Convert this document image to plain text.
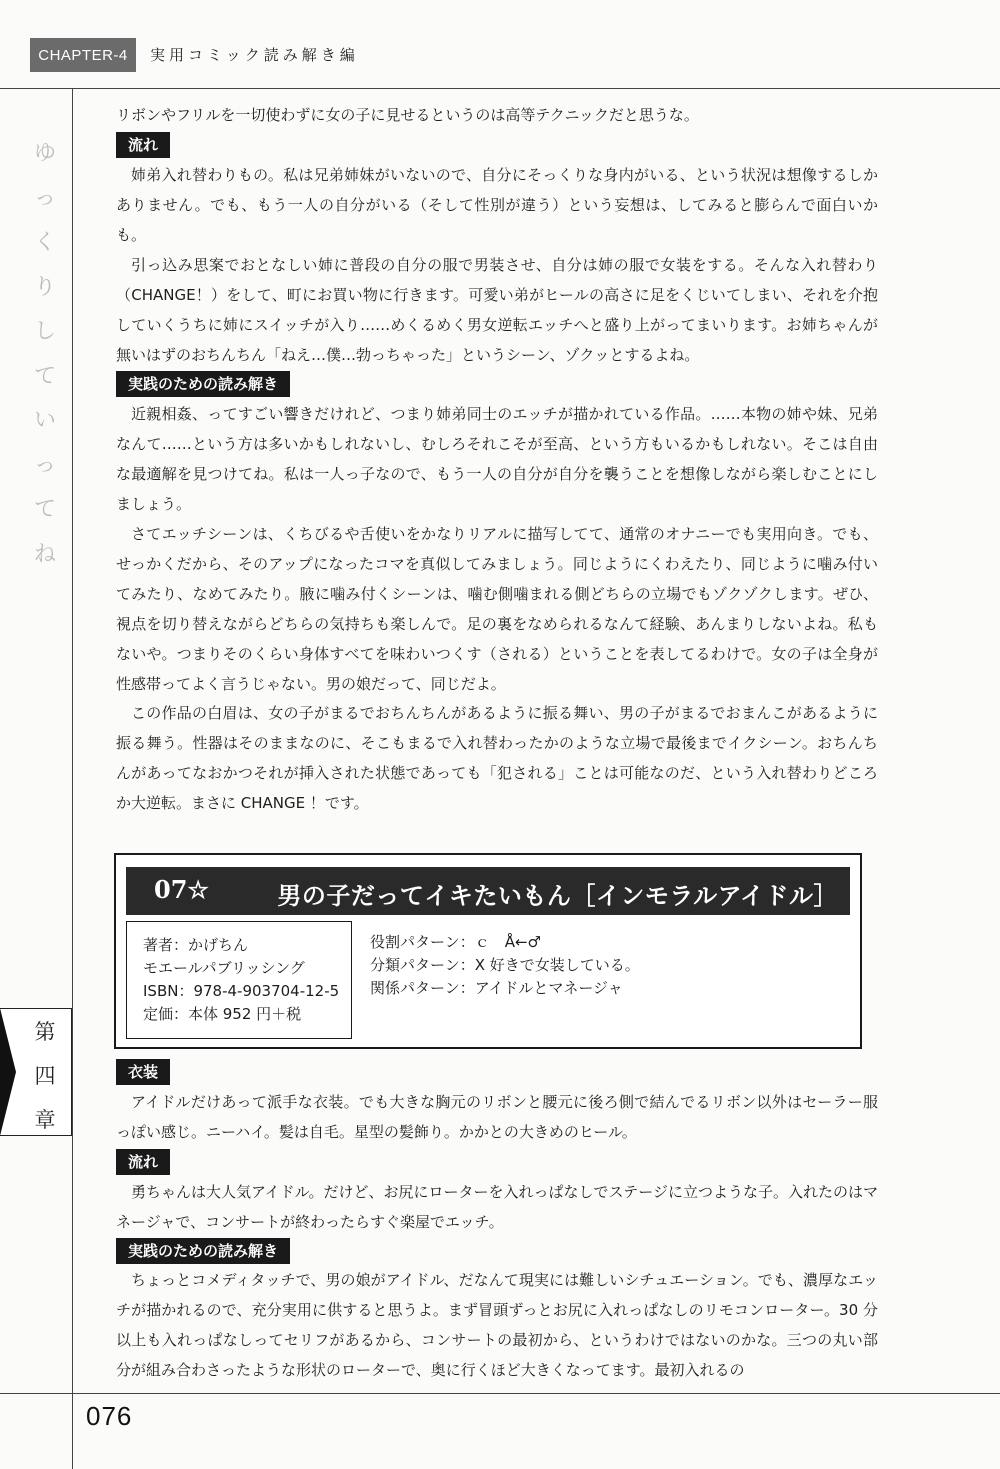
CHAPTER-4	実用コミック読み解き編
ゆ
っ
く
り
し
て
い
っ
て
ね
第
四
章
リボンやフリルを一切使わずに女の子に見せるというのは高等テクニックだと思うな。
流れ
姉弟入れ替わりもの。私は兄弟姉妹がいないので、自分にそっくりな身内がいる、という状況は想像するしかありません。でも、もう一人の自分がいる（そして性別が違う）という妄想は、してみると膨らんで面白いかも。
引っ込み思案でおとなしい姉に普段の自分の服で男装させ、自分は姉の服で女装をする。そんな入れ替わり（CHANGE！）をして、町にお買い物に行きます。可愛い弟がヒールの高さに足をくじいてしまい、それを介抱していくうちに姉にスイッチが入り……めくるめく男女逆転エッチへと盛り上がってまいります。お姉ちゃんが無いはずのおちんちん「ねえ…僕…勃っちゃった」というシーン、ゾクッとするよね。
実践のための読み解き
近親相姦、ってすごい響きだけれど、つまり姉弟同士のエッチが描かれている作品。……本物の姉や妹、兄弟なんて……という方は多いかもしれないし、むしろそれこそが至高、という方もいるかもしれない。そこは自由な最適解を見つけてね。私は一人っ子なので、もう一人の自分が自分を襲うことを想像しながら楽しむことにしましょう。
さてエッチシーンは、くちびるや舌使いをかなりリアルに描写してて、通常のオナニーでも実用向き。でも、せっかくだから、そのアップになったコマを真似してみましょう。同じようにくわえたり、同じように噛み付いてみたり、なめてみたり。腋に噛み付くシーンは、噛む側噛まれる側どちらの立場でもゾクゾクします。ぜひ、視点を切り替えながらどちらの気持ちも楽しんで。足の裏をなめられるなんて経験、あんまりしないよね。私もないや。つまりそのくらい身体すべてを味わいつくす（される）ということを表してるわけで。女の子は全身が性感帯ってよく言うじゃない。男の娘だって、同じだよ。
この作品の白眉は、女の子がまるでおちんちんがあるように振る舞い、男の子がまるでおまんこがあるように振る舞う。性器はそのままなのに、そこもまるで入れ替わったかのような立場で最後までイクシーン。おちんちんがあってなおかつそれが挿入された状態であっても「犯される」ことは可能なのだ、という入れ替わりどころか大逆転。まさに CHANGE ！です。
07☆	男の子だってイキたいもん［インモラルアイドル］
著者：かげちん
モエールパブリッシング
ISBN：978-4-903704-12-5
定価：本体 952 円＋税
役割パターン：ｃ　Å←♂
分類パターン：X 好きで女装している。
関係パターン：アイドルとマネージャ
衣装
アイドルだけあって派手な衣装。でも大きな胸元のリボンと腰元に後ろ側で結んでるリボン以外はセーラー服っぽい感じ。ニーハイ。髪は自毛。星型の髪飾り。かかとの大きめのヒール。
流れ
勇ちゃんは大人気アイドル。だけど、お尻にローターを入れっぱなしでステージに立つような子。入れたのはマネージャで、コンサートが終わったらすぐ楽屋でエッチ。
実践のための読み解き
ちょっとコメディタッチで、男の娘がアイドル、だなんて現実には難しいシチュエーション。でも、濃厚なエッチが描かれるので、充分実用に供すると思うよ。まず冒頭ずっとお尻に入れっぱなしのリモコンローター。30 分以上も入れっぱなしってセリフがあるから、コンサートの最初から、というわけではないのかな。三つの丸い部分が組み合わさったような形状のローターで、奥に行くほど大きくなってます。最初入れるの
076
